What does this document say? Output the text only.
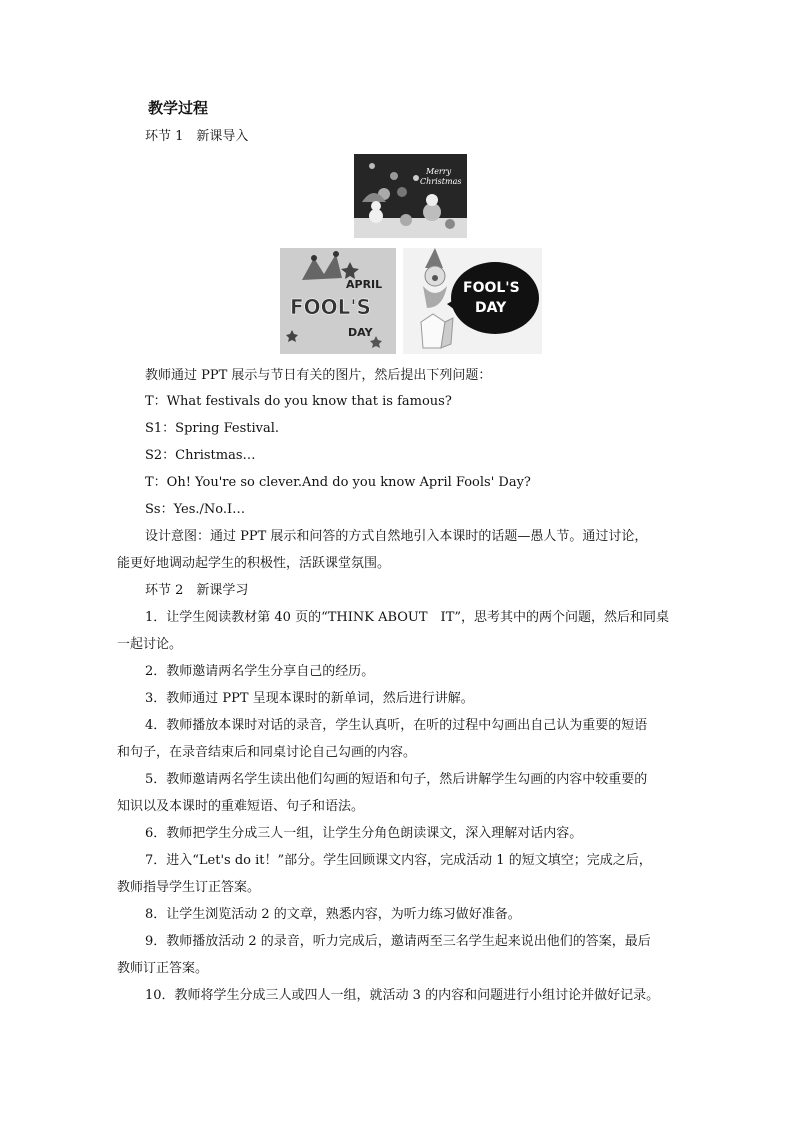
教学过程
环节 1　新课导入
Merry
Christmas
APRIL
FOOL'S
DAY
FOOL'S
DAY
教师通过 PPT 展示与节日有关的图片，然后提出下列问题：
T：What festivals do you know that is famous?
S1：Spring Festival.
S2：Christmas…
T：Oh! You're so clever.And do you know April Fools' Day?
Ss：Yes./No.I…
设计意图：通过 PPT 展示和问答的方式自然地引入本课时的话题—愚人节。通过讨论，
能更好地调动起学生的积极性，活跃课堂氛围。
环节 2　新课学习
1．让学生阅读教材第 40 页的“THINK ABOUT　IT”，思考其中的两个问题，然后和同桌
一起讨论。
2．教师邀请两名学生分享自己的经历。
3．教师通过 PPT 呈现本课时的新单词，然后进行讲解。
4．教师播放本课时对话的录音，学生认真听，在听的过程中勾画出自己认为重要的短语
和句子，在录音结束后和同桌讨论自己勾画的内容。
5．教师邀请两名学生读出他们勾画的短语和句子，然后讲解学生勾画的内容中较重要的
知识以及本课时的重难短语、句子和语法。
6．教师把学生分成三人一组，让学生分角色朗读课文，深入理解对话内容。
7．进入“Let's do it！”部分。学生回顾课文内容，完成活动 1 的短文填空；完成之后，
教师指导学生订正答案。
8．让学生浏览活动 2 的文章，熟悉内容，为听力练习做好准备。
9．教师播放活动 2 的录音，听力完成后，邀请两至三名学生起来说出他们的答案，最后
教师订正答案。
10．教师将学生分成三人或四人一组，就活动 3 的内容和问题进行小组讨论并做好记录。
